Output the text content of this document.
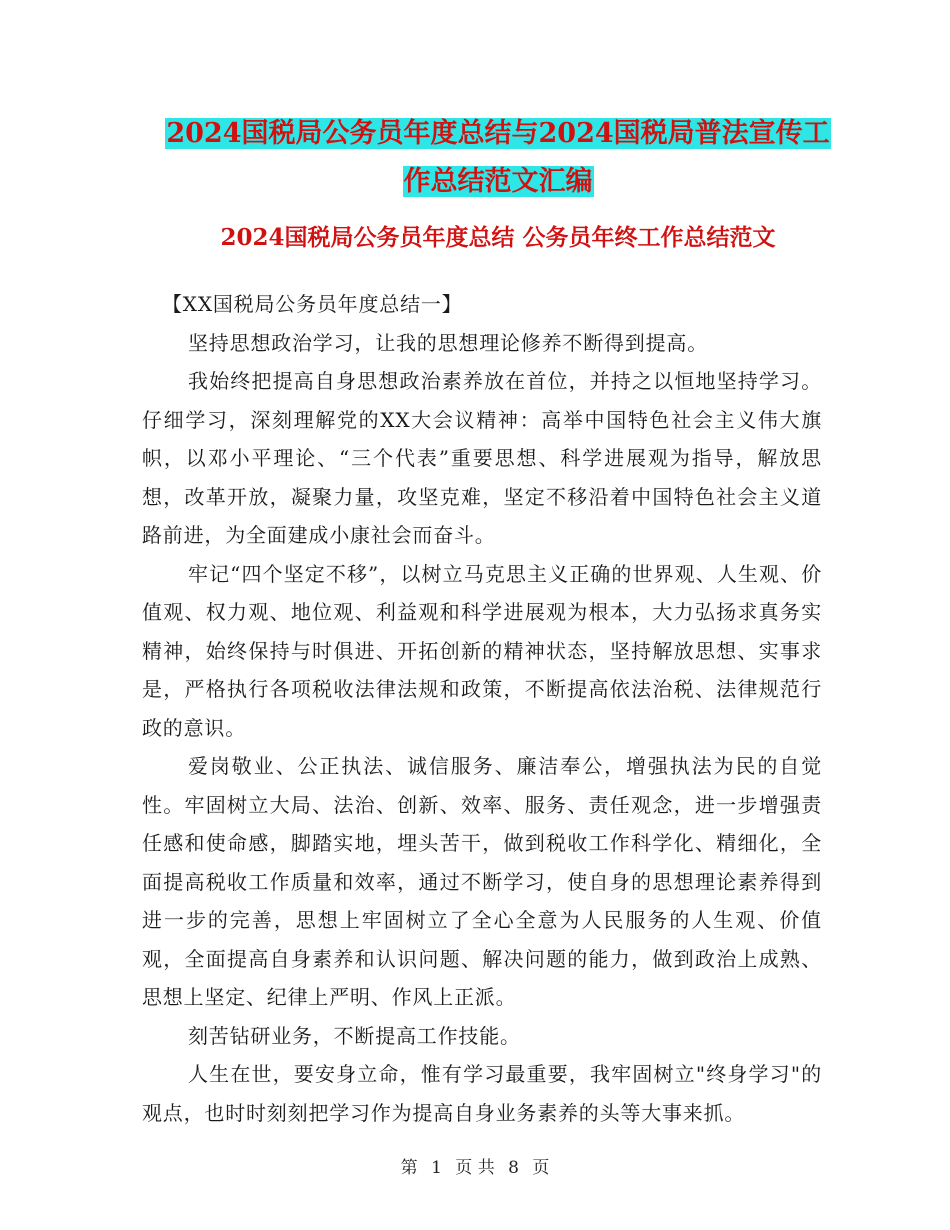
2024国税局公务员年度总结与2024国税局普法宣传工
作总结范文汇编
2024国税局公务员年度总结 公务员年终工作总结范文

【XX国税局公务员年度总结一】

坚持思想政治学习，让我的思想理论修养不断得到提高。

我始终把提高自身思想政治素养放在首位，并持之以恒地坚持学习。仔细学习，深刻理解党的XX大会议精神：高举中国特色社会主义伟大旗帜，以邓小平理论、“三个代表”重要思想、科学进展观为指导，解放思想，改革开放，凝聚力量，攻坚克难，坚定不移沿着中国特色社会主义道路前进，为全面建成小康社会而奋斗。

牢记“四个坚定不移”，以树立马克思主义正确的世界观、人生观、价值观、权力观、地位观、利益观和科学进展观为根本，大力弘扬求真务实精神，始终保持与时俱进、开拓创新的精神状态，坚持解放思想、实事求是，严格执行各项税收法律法规和政策，不断提高依法治税、法律规范行政的意识。

爱岗敬业、公正执法、诚信服务、廉洁奉公，增强执法为民的自觉性。牢固树立大局、法治、创新、效率、服务、责任观念，进一步增强责任感和使命感，脚踏实地，埋头苦干，做到税收工作科学化、精细化，全面提高税收工作质量和效率，通过不断学习，使自身的思想理论素养得到进一步的完善，思想上牢固树立了全心全意为人民服务的人生观、价值观，全面提高自身素养和认识问题、解决问题的能力，做到政治上成熟、思想上坚定、纪律上严明、作风上正派。

刻苦钻研业务，不断提高工作技能。

人生在世，要安身立命，惟有学习最重要，我牢固树立"终身学习"的观点，也时时刻刻把学习作为提高自身业务素养的头等大事来抓。

第 1 页 共 8 页
